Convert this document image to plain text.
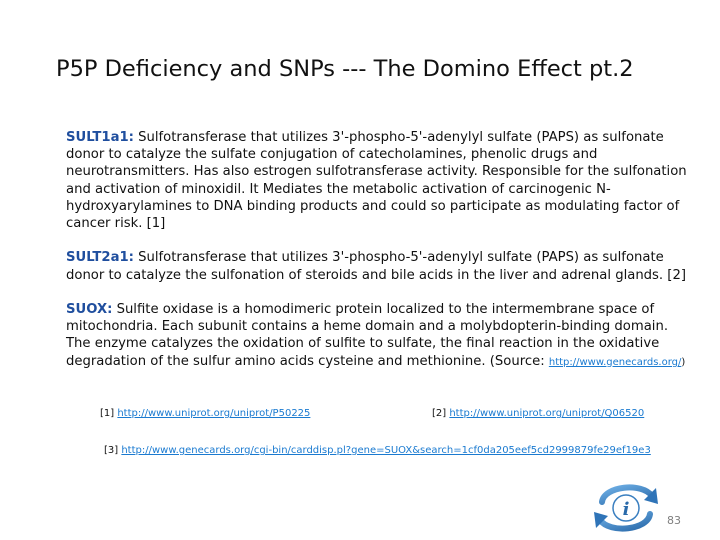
P5P Deficiency and SNPs --- The Domino Effect pt.2

SULT1a1: Sulfotransferase that utilizes 3'-phospho-5'-adenylyl sulfate (PAPS) as sulfonate donor to catalyze the sulfate conjugation of catecholamines, phenolic drugs and neurotransmitters. Has also estrogen sulfotransferase activity. Responsible for the sulfonation and activation of minoxidil. It Mediates the metabolic activation of carcinogenic N-hydroxyarylamines to DNA binding products and could so participate as modulating factor of cancer risk. [1]

SULT2a1: Sulfotransferase that utilizes 3'-phospho-5'-adenylyl sulfate (PAPS) as sulfonate donor to catalyze the sulfonation of steroids and bile acids in the liver and adrenal glands. [2]

SUOX: Sulfite oxidase is a homodimeric protein localized to the intermembrane space of mitochondria. Each subunit contains a heme domain and a molybdopterin-binding domain. The enzyme catalyzes the oxidation of sulfite to sulfate, the final reaction in the oxidative degradation of the sulfur amino acids cysteine and methionine. (Source: http://www.genecards.org/)

[1] http://www.uniprot.org/uniprot/P50225	[2] http://www.uniprot.org/uniprot/Q06520
[3] http://www.genecards.org/cgi-bin/carddisp.pl?gene=SUOX&search=1cf0da205eef5cd2999879fe29ef19e3
i
83
